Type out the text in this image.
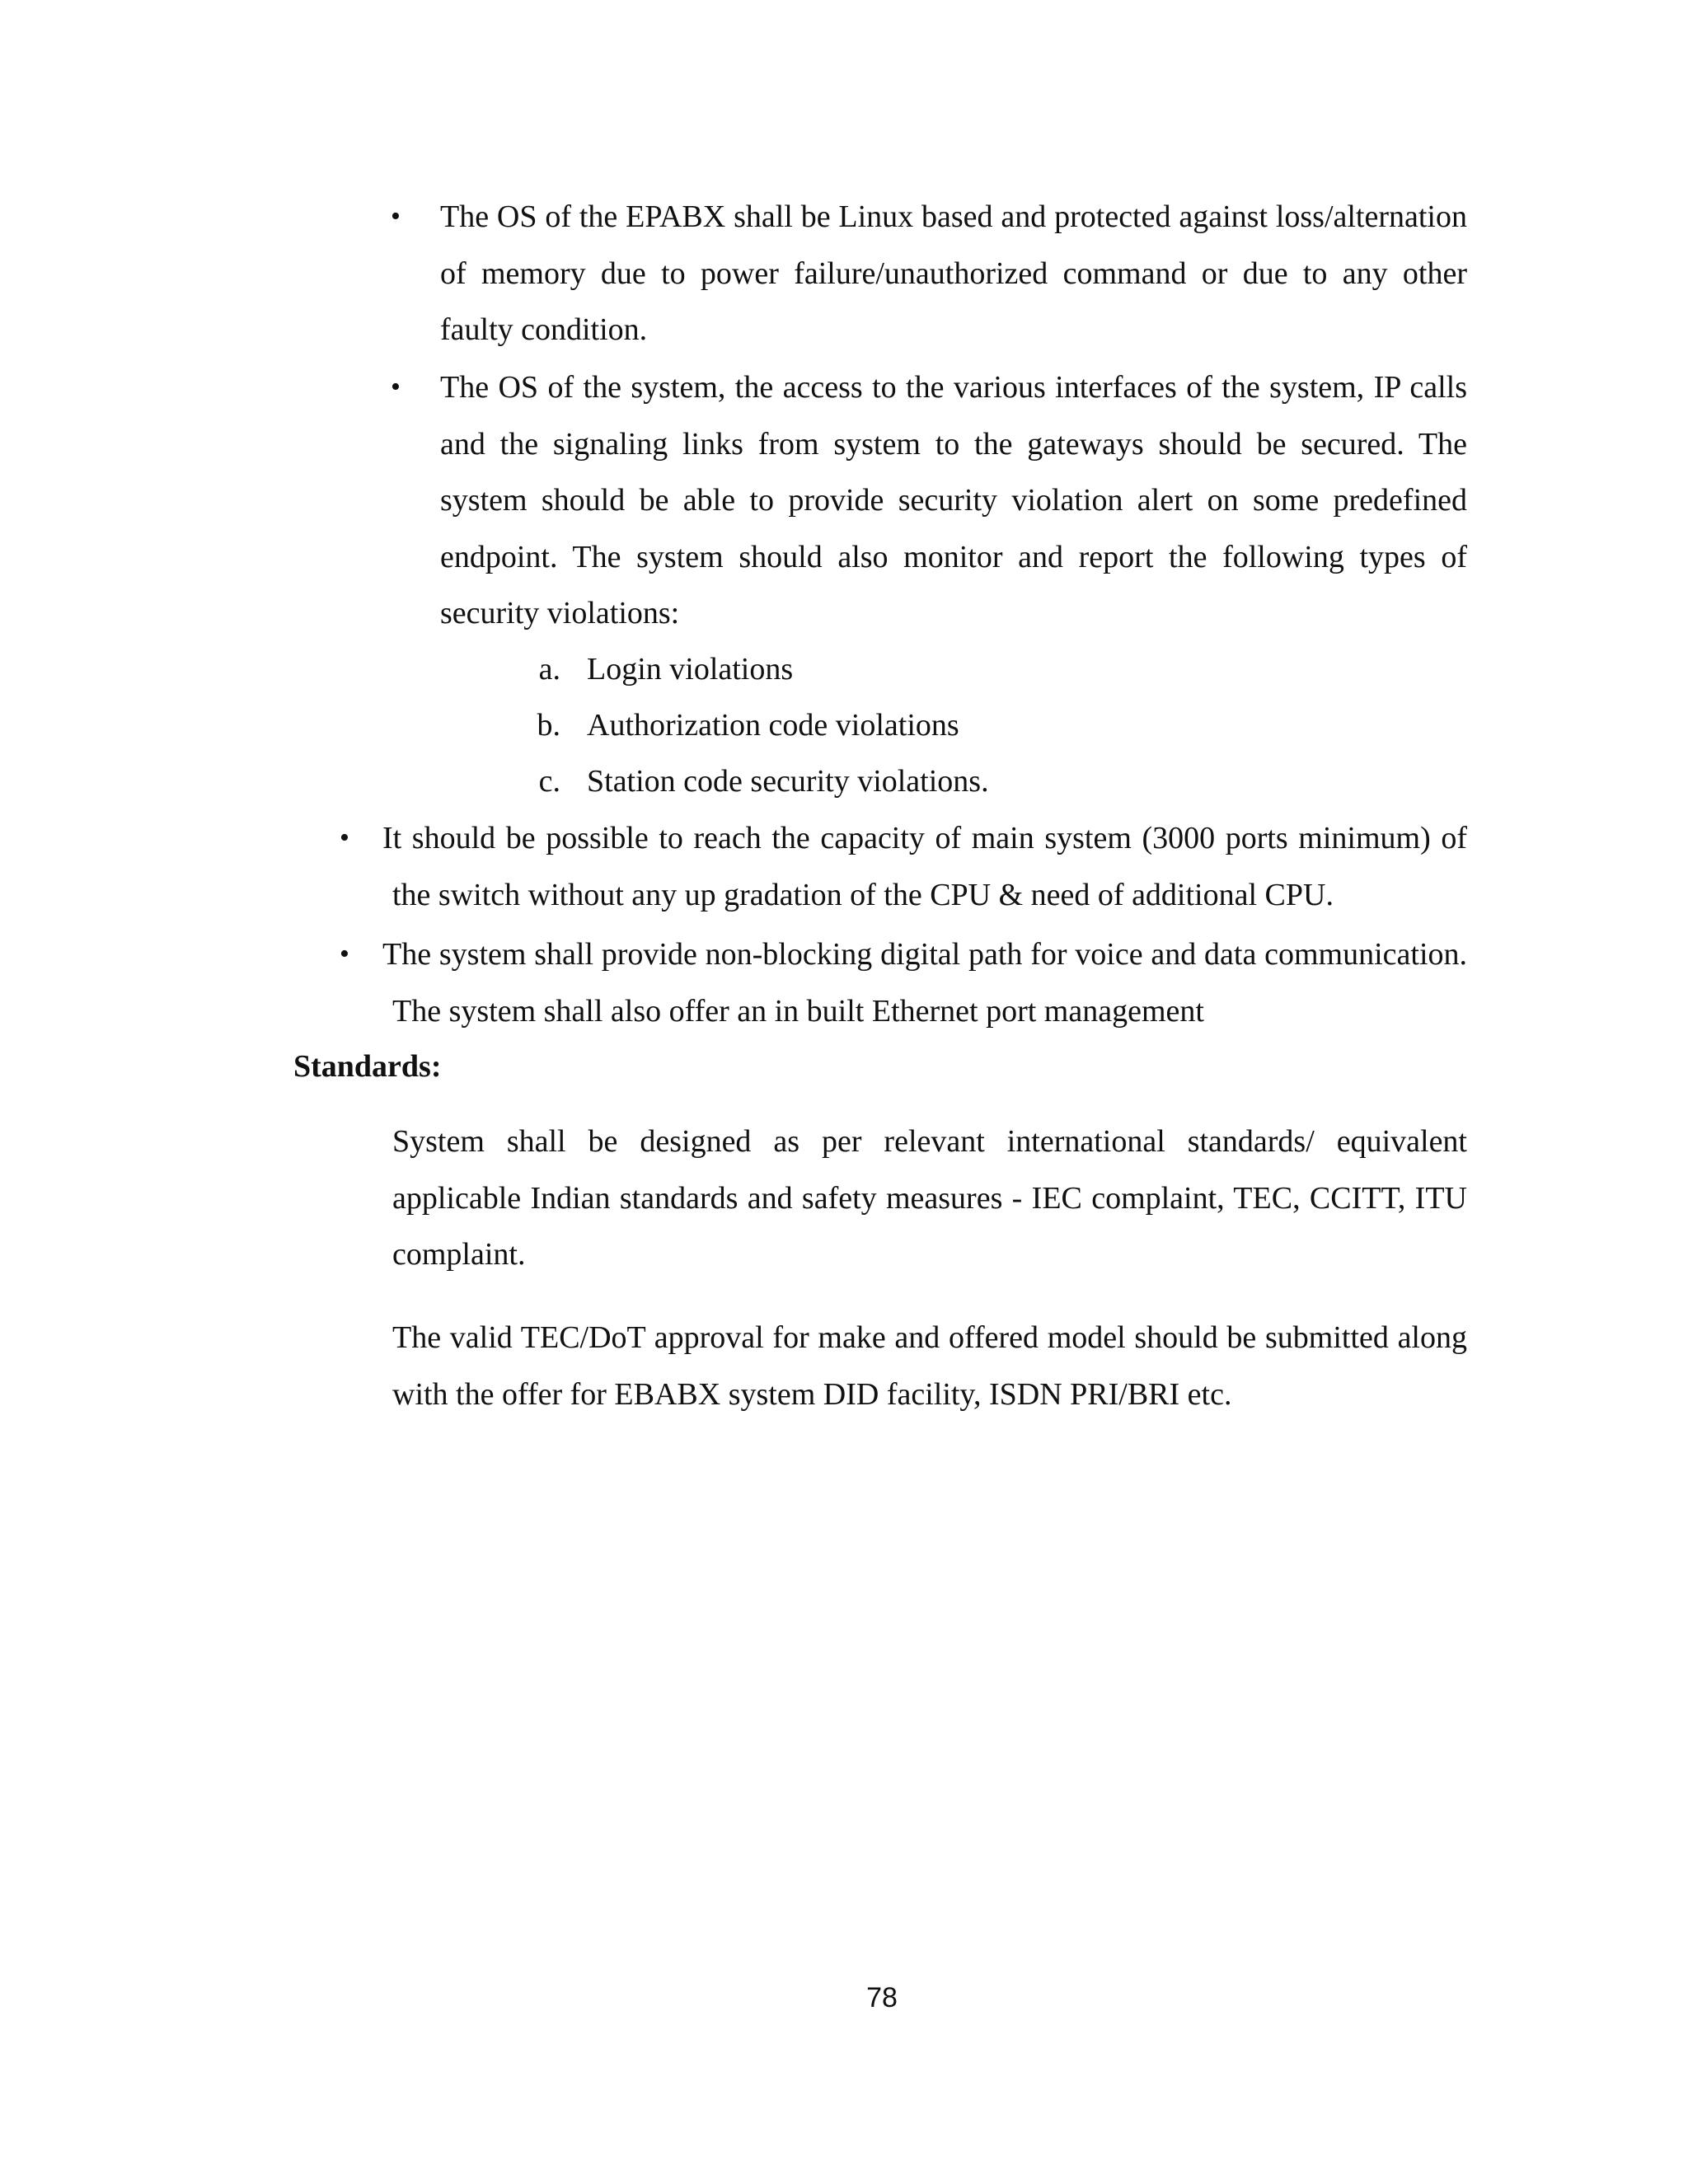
• The OS of the EPABX shall be Linux based and protected against loss/alternation of memory due to power failure/unauthorized command or due to any other faulty condition.
• The OS of the system, the access to the various interfaces of the system, IP calls and the signaling links from system to the gateways should be secured. The system should be able to provide security violation alert on some predefined endpoint. The system should also monitor and report the following types of security violations:
a. Login violations
b. Authorization code violations
c. Station code security violations.
• It should be possible to reach the capacity of main system (3000 ports minimum) of the switch without any up gradation of the CPU & need of additional CPU.
• The system shall provide non-blocking digital path for voice and data communication. The system shall also offer an in built Ethernet port management
Standards:
System shall be designed as per relevant international standards/ equivalent applicable Indian standards and safety measures - IEC complaint, TEC, CCITT, ITU complaint.
The valid TEC/DoT approval for make and offered model should be submitted along with the offer for EBABX system DID facility, ISDN PRI/BRI etc.
78
